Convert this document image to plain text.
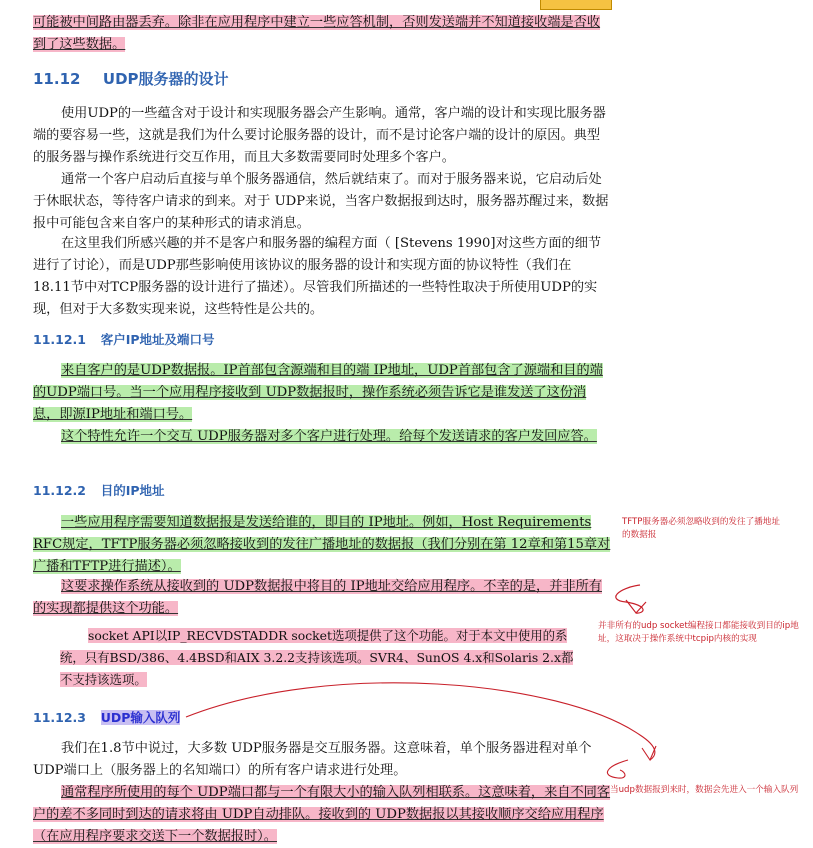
可能被中间路由器丢弃。除非在应用程序中建立一些应答机制，否则发送端并不知道接收端是否收到了这些数据。

11.12 UDP服务器的设计

使用UDP的一些蕴含对于设计和实现服务器会产生影响。通常，客户端的设计和实现比服务器端的要容易一些，这就是我们为什么要讨论服务器的设计，而不是讨论客户端的设计的原因。典型的服务器与操作系统进行交互作用，而且大多数需要同时处理多个客户。

通常一个客户启动后直接与单个服务器通信，然后就结束了。而对于服务器来说，它启动后处于休眠状态，等待客户请求的到来。对于 UDP来说，当客户数据报到达时，服务器苏醒过来，数据报中可能包含来自客户的某种形式的请求消息。

在这里我们所感兴趣的并不是客户和服务器的编程方面（ [Stevens 1990]对这些方面的细节进行了讨论），而是UDP那些影响使用该协议的服务器的设计和实现方面的协议特性（我们在 18.11节中对TCP服务器的设计进行了描述）。尽管我们所描述的一些特性取决于所使用UDP的实现，但对于大多数实现来说，这些特性是公共的。

11.12.1 客户IP地址及端口号

来自客户的是UDP数据报。IP首部包含源端和目的端 IP地址，UDP首部包含了源端和目的端的UDP端口号。当一个应用程序接收到 UDP数据报时，操作系统必须告诉它是谁发送了这份消息，即源IP地址和端口号。

这个特性允许一个交互 UDP服务器对多个客户进行处理。给每个发送请求的客户发回应答。

11.12.2 目的IP地址

一些应用程序需要知道数据报是发送给谁的，即目的 IP地址。例如，Host Requirements RFC规定，TFTP服务器必须忽略接收到的发往广播地址的数据报（我们分别在第 12章和第15章对广播和TFTP进行描述）。

这要求操作系统从接收到的 UDP数据报中将目的 IP地址交给应用程序。不幸的是，并非所有的实现都提供这个功能。

socket API以IP_RECVDSTADDR socket选项提供了这个功能。对于本文中使用的系统，只有BSD/386、4.4BSD和AIX 3.2.2支持该选项。SVR4、SunOS 4.x和Solaris 2.x都不支持该选项。

11.12.3 UDP输入队列

我们在1.8节中说过，大多数 UDP服务器是交互服务器。这意味着，单个服务器进程对单个UDP端口上（服务器上的名知端口）的所有客户请求进行处理。

通常程序所使用的每个 UDP端口都与一个有限大小的输入队列相联系。这意味着，来自不同客户的差不多同时到达的请求将由 UDP自动排队。接收到的 UDP数据报以其接收顺序交给应用程序（在应用程序要求交送下一个数据报时）。

TFTP服务器必须忽略收到的发往了播地址的数据报

并非所有的udp socket编程接口都能接收到目的ip地址，这取决于操作系统中tcpip内核的实现

当udp数据报到来时，数据会先进入一个输入队列
